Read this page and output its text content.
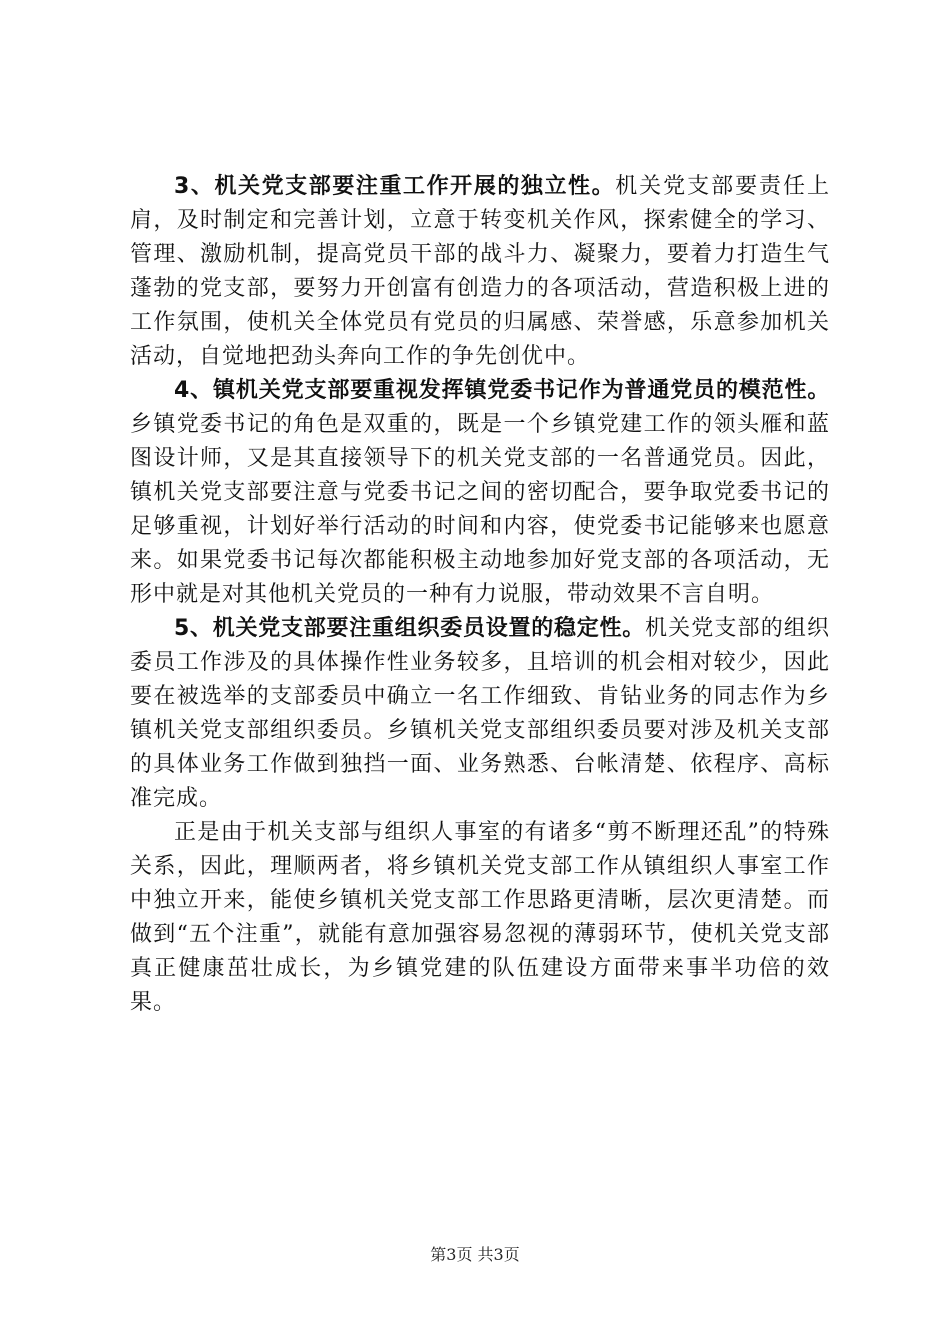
3、机关党支部要注重工作开展的独立性。机关党支部要责任上肩，及时制定和完善计划，立意于转变机关作风，探索健全的学习、管理、激励机制，提高党员干部的战斗力、凝聚力，要着力打造生气蓬勃的党支部，要努力开创富有创造力的各项活动，营造积极上进的工作氛围，使机关全体党员有党员的归属感、荣誉感，乐意参加机关活动，自觉地把劲头奔向工作的争先创优中。

4、镇机关党支部要重视发挥镇党委书记作为普通党员的模范性。乡镇党委书记的角色是双重的，既是一个乡镇党建工作的领头雁和蓝图设计师，又是其直接领导下的机关党支部的一名普通党员。因此，镇机关党支部要注意与党委书记之间的密切配合，要争取党委书记的足够重视，计划好举行活动的时间和内容，使党委书记能够来也愿意来。如果党委书记每次都能积极主动地参加好党支部的各项活动，无形中就是对其他机关党员的一种有力说服，带动效果不言自明。

5、机关党支部要注重组织委员设置的稳定性。机关党支部的组织委员工作涉及的具体操作性业务较多，且培训的机会相对较少，因此要在被选举的支部委员中确立一名工作细致、肯钻业务的同志作为乡镇机关党支部组织委员。乡镇机关党支部组织委员要对涉及机关支部的具体业务工作做到独挡一面、业务熟悉、台帐清楚、依程序、高标准完成。

正是由于机关支部与组织人事室的有诸多“剪不断理还乱”的特殊关系，因此，理顺两者，将乡镇机关党支部工作从镇组织人事室工作中独立开来，能使乡镇机关党支部工作思路更清晰，层次更清楚。而做到“五个注重”，就能有意加强容易忽视的薄弱环节，使机关党支部真正健康茁壮成长，为乡镇党建的队伍建设方面带来事半功倍的效果。

第3页 共3页
